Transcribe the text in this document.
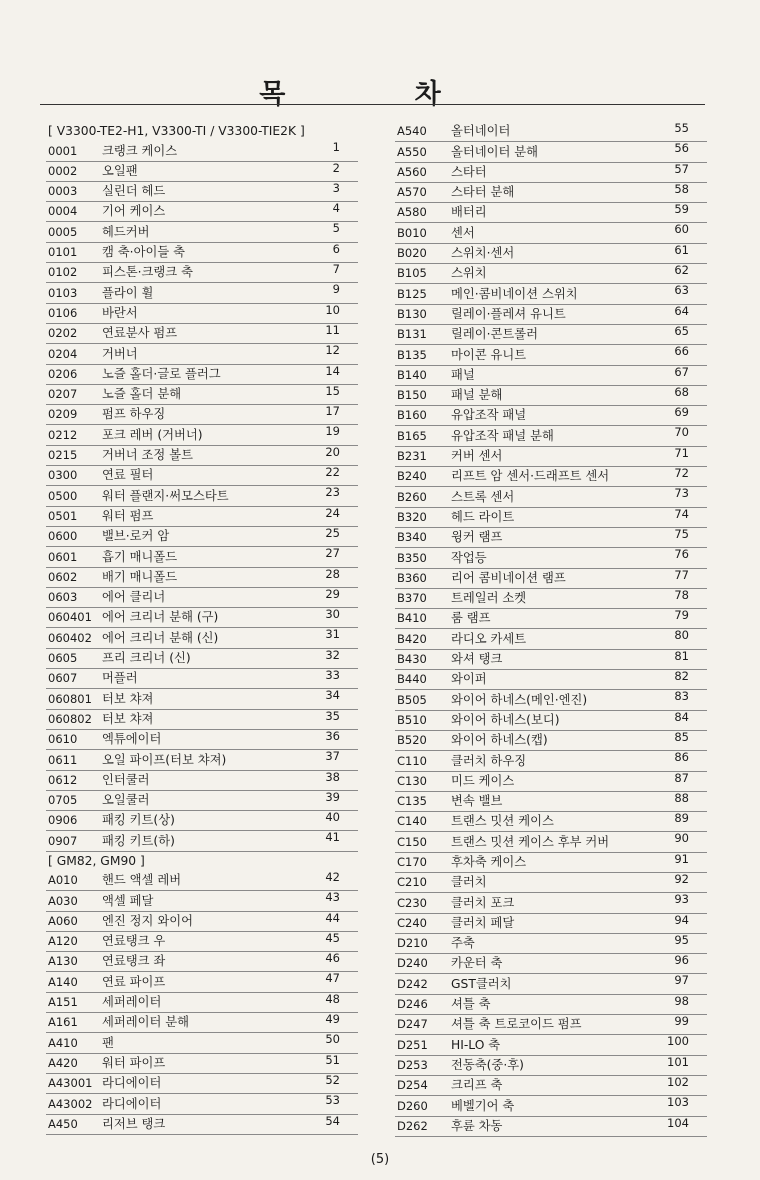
목 차
[ V3300-TE2-H1, V3300-TI / V3300-TIE2K ]
0001 크랭크 케이스	1
0002 오일팬	2
0003 실린더 헤드	3
0004 기어 케이스	4
0005 헤드커버	5
0101 캠 축·아이들 축	6
0102 피스톤·크랭크 축	7
0103 플라이 휠	9
0106 바란서	10
0202 연료분사 펌프	11
0204 거버너	12
0206 노즐 홀더·글로 플러그	14
0207 노즐 홀더 분해	15
0209 펌프 하우징	17
0212 포크 레버 (거버너)	19
0215 거버너 조정 볼트	20
0300 연료 필터	22
0500 워터 플랜지·써모스타트	23
0501 워터 펌프	24
0600 밸브·로커 암	25
0601 흡기 매니폴드	27
0602 배기 매니폴드	28
0603 에어 클리너	29
060401 에어 크리너 분해 (구)	30
060402 에어 크리너 분해 (신)	31
0605 프리 크리너 (신)	32
0607 머플러	33
060801 터보 챠져	34
060802 터보 챠져	35
0610 엑튜에이터	36
0611 오일 파이프(터보 챠져)	37
0612 인터쿨러	38
0705 오일쿨러	39
0906 패킹 키트(상)	40
0907 패킹 키트(하)	41
[ GM82, GM90 ]
A010 핸드 액셀 레버	42
A030 액셀 페달	43
A060 엔진 정지 와이어	44
A120 연료탱크 우	45
A130 연료탱크 좌	46
A140 연료 파이프	47
A151 세퍼레이터	48
A161 세퍼레이터 분해	49
A410 팬	50
A420 워터 파이프	51
A43001 라디에이터	52
A43002 라디에이터	53
A450 리저브 탱크	54
A540 올터네이터	55
A550 올터네이터 분해	56
A560 스타터	57
A570 스타터 분해	58
A580 배터리	59
B010 센서	60
B020 스위치·센서	61
B105 스위치	62
B125 메인·콤비네이션 스위치	63
B130 릴레이·플레셔 유니트	64
B131 릴레이·콘트롤러	65
B135 마이콘 유니트	66
B140 패널	67
B150 패널 분해	68
B160 유압조작 패널	69
B165 유압조작 패널 분해	70
B231 커버 센서	71
B240 리프트 암 센서·드래프트 센서	72
B260 스트록 센서	73
B320 헤드 라이트	74
B340 윙커 램프	75
B350 작업등	76
B360 리어 콤비네이션 램프	77
B370 트레일러 소켓	78
B410 룸 램프	79
B420 라디오 카세트	80
B430 와셔 탱크	81
B440 와이퍼	82
B505 와이어 하네스(메인·엔진)	83
B510 와이어 하네스(보디)	84
B520 와이어 하네스(캡)	85
C110 클러치 하우징	86
C130 미드 케이스	87
C135 변속 밸브	88
C140 트랜스 밋션 케이스	89
C150 트랜스 밋션 케이스 후부 커버	90
C170 후차축 케이스	91
C210 클러치	92
C230 클러치 포크	93
C240 클러치 페달	94
D210 주축	95
D240 카운터 축	96
D242 GST클러치	97
D246 셔틀 축	98
D247 셔틀 축 트로코이드 펌프	99
D251 HI-LO 축	100
D253 전동축(중·후)	101
D254 크리프 축	102
D260 베벨기어 축	103
D262 후륜 차동	104
(5)
